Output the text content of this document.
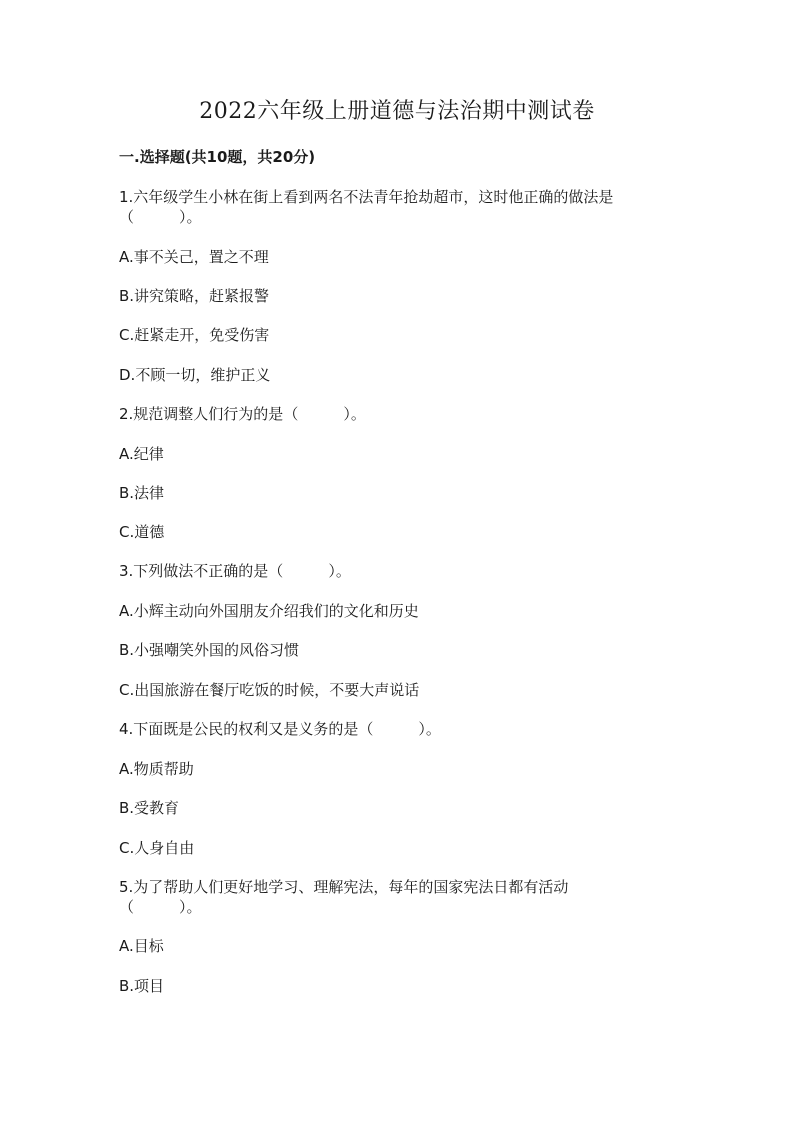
2022六年级上册道德与法治期中测试卷
一.选择题(共10题，共20分)
1.六年级学生小林在街上看到两名不法青年抢劫超市，这时他正确的做法是
（　　　）。
A.事不关己，置之不理
B.讲究策略，赶紧报警
C.赶紧走开，免受伤害
D.不顾一切，维护正义
2.规范调整人们行为的是（　　　）。
A.纪律
B.法律
C.道德
3.下列做法不正确的是（　　　）。
A.小辉主动向外国朋友介绍我们的文化和历史
B.小强嘲笑外国的风俗习惯
C.出国旅游在餐厅吃饭的时候，不要大声说话
4.下面既是公民的权利又是义务的是（　　　）。
A.物质帮助
B.受教育
C.人身自由
5.为了帮助人们更好地学习、理解宪法，每年的国家宪法日都有活动
（　　　）。
A.目标
B.项目
